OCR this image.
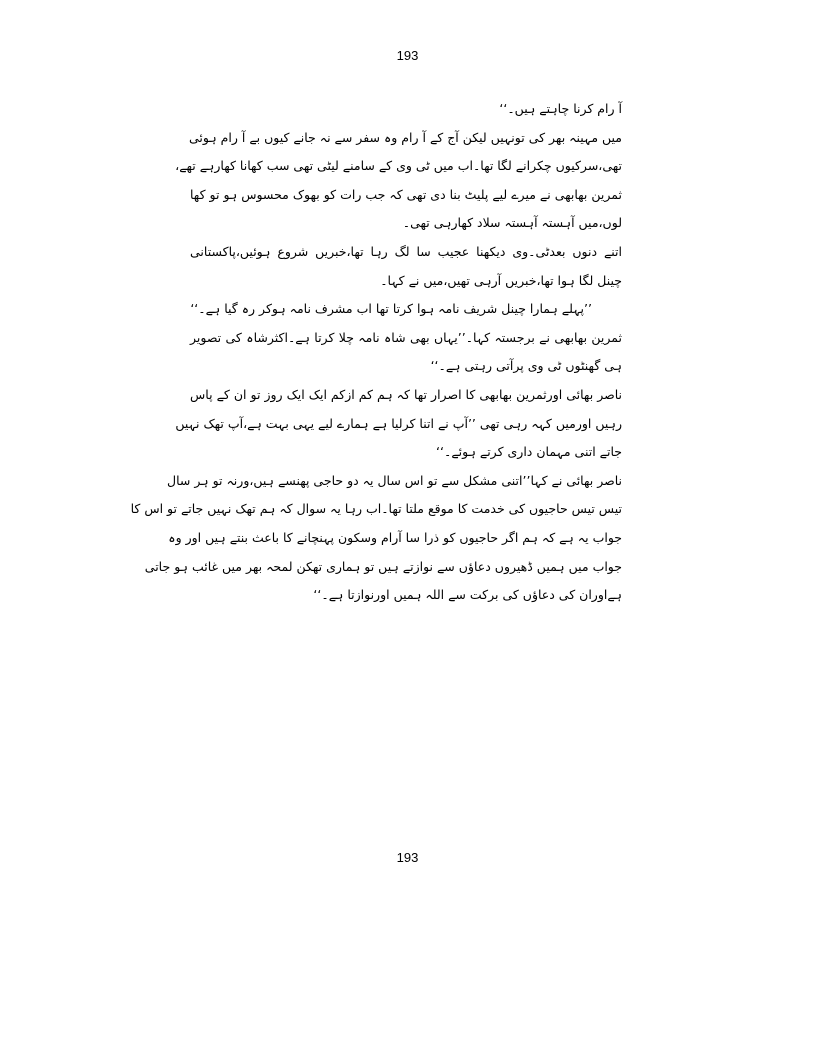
193
آ رام کرنا چاہتے ہیں۔‘‘
میں مہینہ بھر کی تونہیں لیکن آج کے آ رام وہ سفر سے نہ جانے کیوں بے آ رام ہوئی
تھی،سرکیوں چکرانے لگا تھا۔اب میں ٹی وی کے سامنے لیٹی تھی سب کھانا کھارہے تھے،
ثمرین بھابھی نے میرے لیے پلیٹ بنا دی تھی کہ جب رات کو بھوک محسوس ہو تو کھا
لوں،میں آہستہ آہستہ سلاد کھارہی تھی۔
اتنے دنوں بعدٹی۔وی دیکھنا عجیب سا لگ رہا تھا،خبریں شروع ہوئیں،پاکستانی
چینل لگا ہوا تھا،خبریں آرہی تھیں،میں نے کہا۔
’’پہلے ہمارا چینل شریف نامہ ہوا کرتا تھا اب مشرف نامہ ہوکر رہ گیا ہے۔‘‘
ثمرین بھابھی نے برجستہ کہا۔’’یہاں بھی شاہ نامہ چلا کرتا ہے۔اکثرشاہ کی تصویر
ہی گھنٹوں ٹی وی پرآتی رہتی ہے۔‘‘
ناصر بھائی اورثمرین بھابھی کا اصرار تھا کہ ہم کم ازکم ایک ایک روز تو ان کے پاس
رہیں اورمیں کہہ رہی تھی ’’آپ نے اتنا کرلیا ہے ہمارے لیے یہی بہت ہے،آپ تھک نہیں
جاتے اتنی مہمان داری کرتے ہوئے۔‘‘
ناصر بھائی نے کہا’’اتنی مشکل سے تو اس سال یہ دو حاجی پھنسے ہیں،ورنہ تو ہر سال
تیس تیس حاجیوں کی خدمت کا موقع ملتا تھا۔اب رہا یہ سوال کہ ہم تھک نہیں جاتے تو اس کا
جواب یہ ہے کہ ہم اگر حاجیوں کو ذرا سا آرام وسکون پہنچانے کا باعث بنتے ہیں اور وہ
جواب میں ہمیں ڈھیروں دعاؤں سے نوازتے ہیں تو ہماری تھکن لمحہ بھر میں غائب ہو جاتی
ہےاوران کی دعاؤں کی برکت سے اللہ ہمیں اورنوازتا ہے۔‘‘
193
